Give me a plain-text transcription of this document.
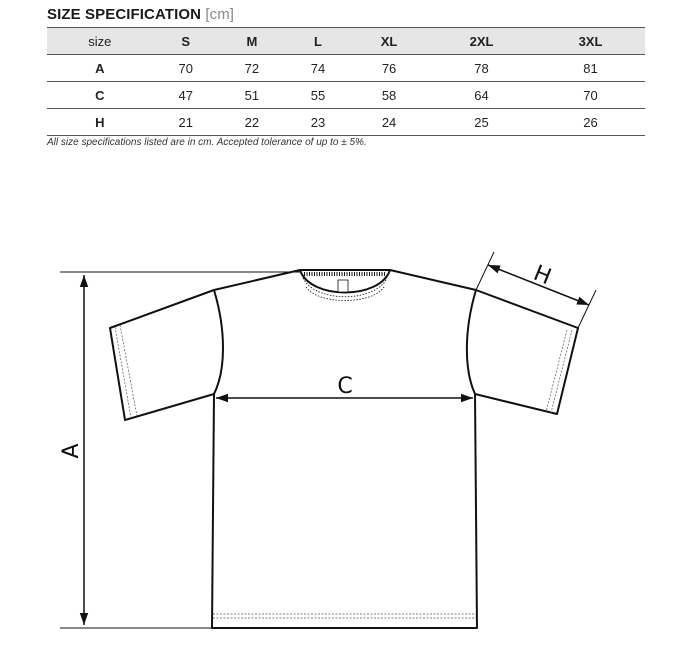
SIZE SPECIFICATION [cm]
size	S	M	L	XL	2XL	3XL
A	70	72	74	76	78	81
C	47	51	55	58	64	70
H	21	22	23	24	25	26
All size specifications listed are in cm. Accepted tolerance of up to ± 5%.
A
C
H
